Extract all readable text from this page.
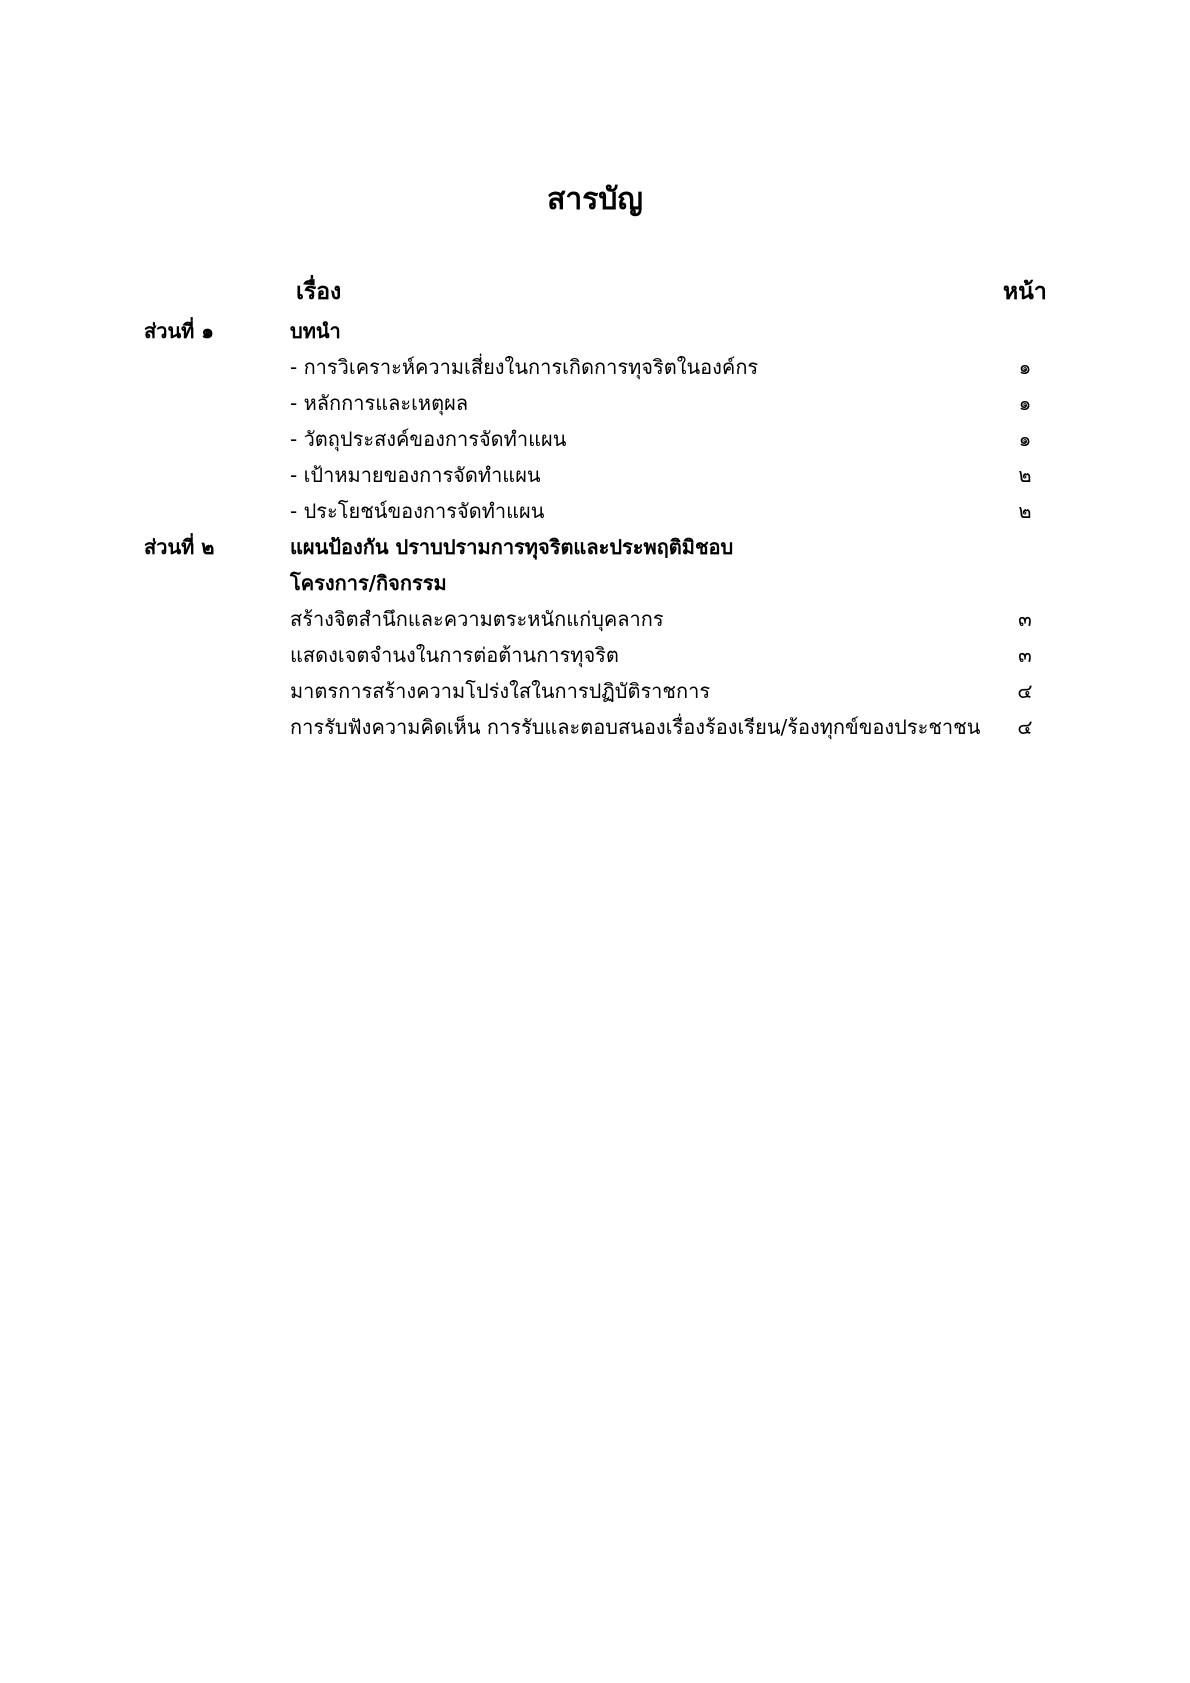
สารบัญ
เรื่อง	หน้า
ส่วนที่ ๑	บทนำ
- การวิเคราะห์ความเสี่ยงในการเกิดการทุจริตในองค์กร	๑
- หลักการและเหตุผล	๑
- วัตถุประสงค์ของการจัดทำแผน	๑
- เป้าหมายของการจัดทำแผน	๒
- ประโยชน์ของการจัดทำแผน	๒
ส่วนที่ ๒	แผนป้องกัน ปราบปรามการทุจริตและประพฤติมิชอบ
โครงการ/กิจกรรม
สร้างจิตสำนึกและความตระหนักแก่บุคลากร	๓
แสดงเจตจำนงในการต่อต้านการทุจริต	๓
มาตรการสร้างความโปร่งใสในการปฏิบัติราชการ	๔
การรับฟังความคิดเห็น การรับและตอบสนองเรื่องร้องเรียน/ร้องทุกข์ของประชาชน	๔
